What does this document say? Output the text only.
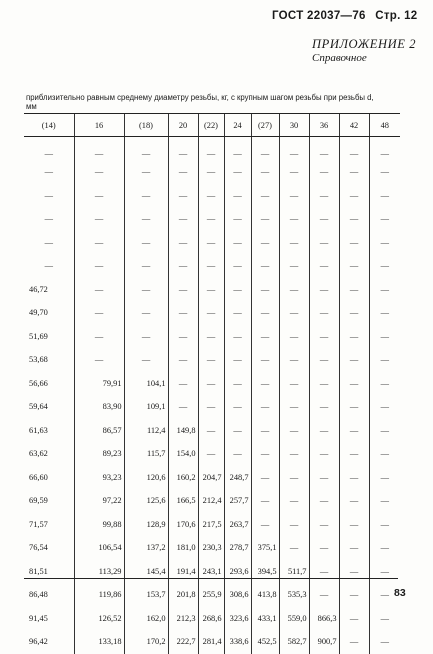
ГОСТ 22037—76 Стр. 12
ПРИЛОЖЕНИЕ 2
Справочное
приблизительно равным среднему диаметру резьбы, кг, с крупным шагом резьбы при резьбы d, мм
(14)	16	(18)	20	(22)	24	(27)	30	36	42	48
—	—	—	—	—	—	—	—	—	—	—
—	—	—	—	—	—	—	—	—	—	—
—	—	—	—	—	—	—	—	—	—	—
—	—	—	—	—	—	—	—	—	—	—
—	—	—	—	—	—	—	—	—	—	—
—	—	—	—	—	—	—	—	—	—	—
46,72	—	—	—	—	—	—	—	—	—	—
49,70	—	—	—	—	—	—	—	—	—	—
51,69	—	—	—	—	—	—	—	—	—	—
53,68	—	—	—	—	—	—	—	—	—	—
56,66	79,91	104,1	—	—	—	—	—	—	—	—
59,64	83,90	109,1	—	—	—	—	—	—	—	—
61,63	86,57	112,4	149,8	—	—	—	—	—	—	—
63,62	89,23	115,7	154,0	—	—	—	—	—	—	—
66,60	93,23	120,6	160,2	204,7	248,7	—	—	—	—	—
69,59	97,22	125,6	166,5	212,4	257,7	—	—	—	—	—
71,57	99,88	128,9	170,6	217,5	263,7	—	—	—	—	—
76,54	106,54	137,2	181,0	230,3	278,7	375,1	—	—	—	—
81,51	113,29	145,4	191,4	243,1	293,6	394,5	511,7	—	—	—
86,48	119,86	153,7	201,8	255,9	308,6	413,8	535,3	—	—	—
91,45	126,52	162,0	212,3	268,6	323,6	433,1	559,0	866,3	—	—
96,42	133,18	170,2	222,7	281,4	338,6	452,5	582,7	900,7	—	—
83
